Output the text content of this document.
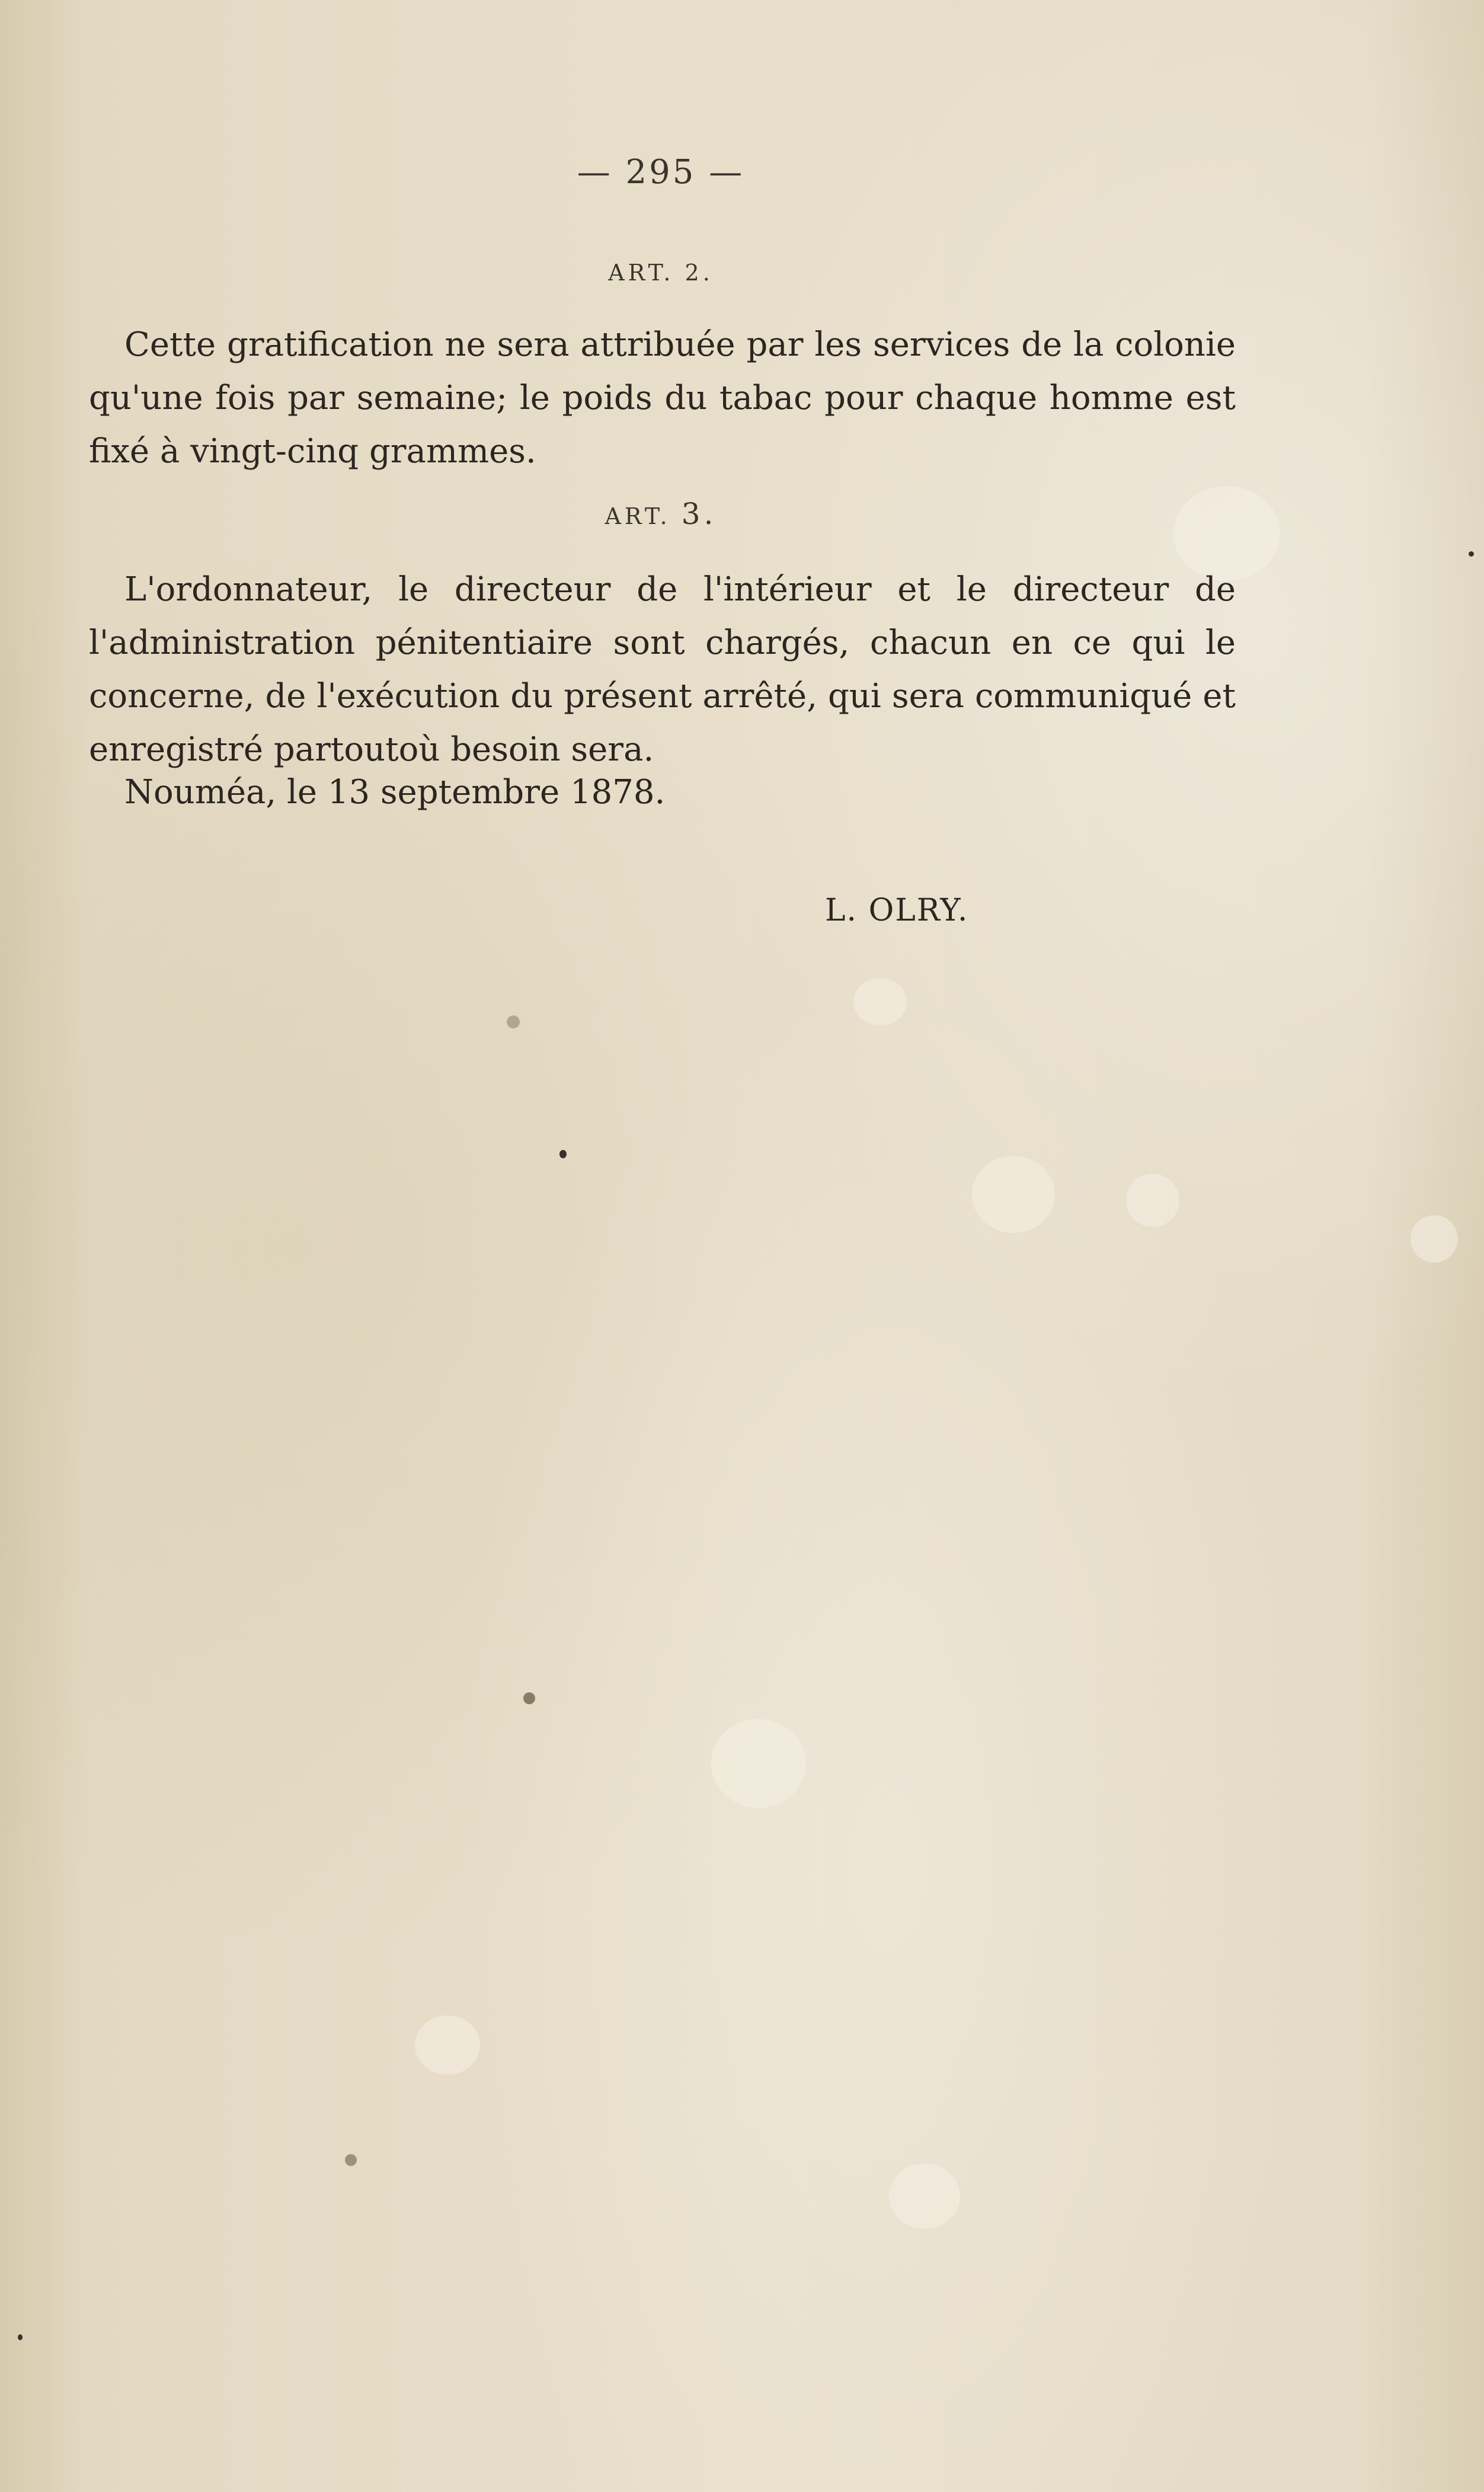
— 295 —
ART. 2.
Cette gratification ne sera attribuée par les services de la colonie qu'une fois par semaine; le poids du tabac pour chaque homme est fixé à vingt-cinq grammes.
ART. 3.
L'ordonnateur, le directeur de l'intérieur et le directeur de l'administration pénitentiaire sont chargés, chacun en ce qui le concerne, de l'exécution du présent arrêté, qui sera communiqué et enregistré partoutoù besoin sera.
Nouméa, le 13 septembre 1878.
L. OLRY.
